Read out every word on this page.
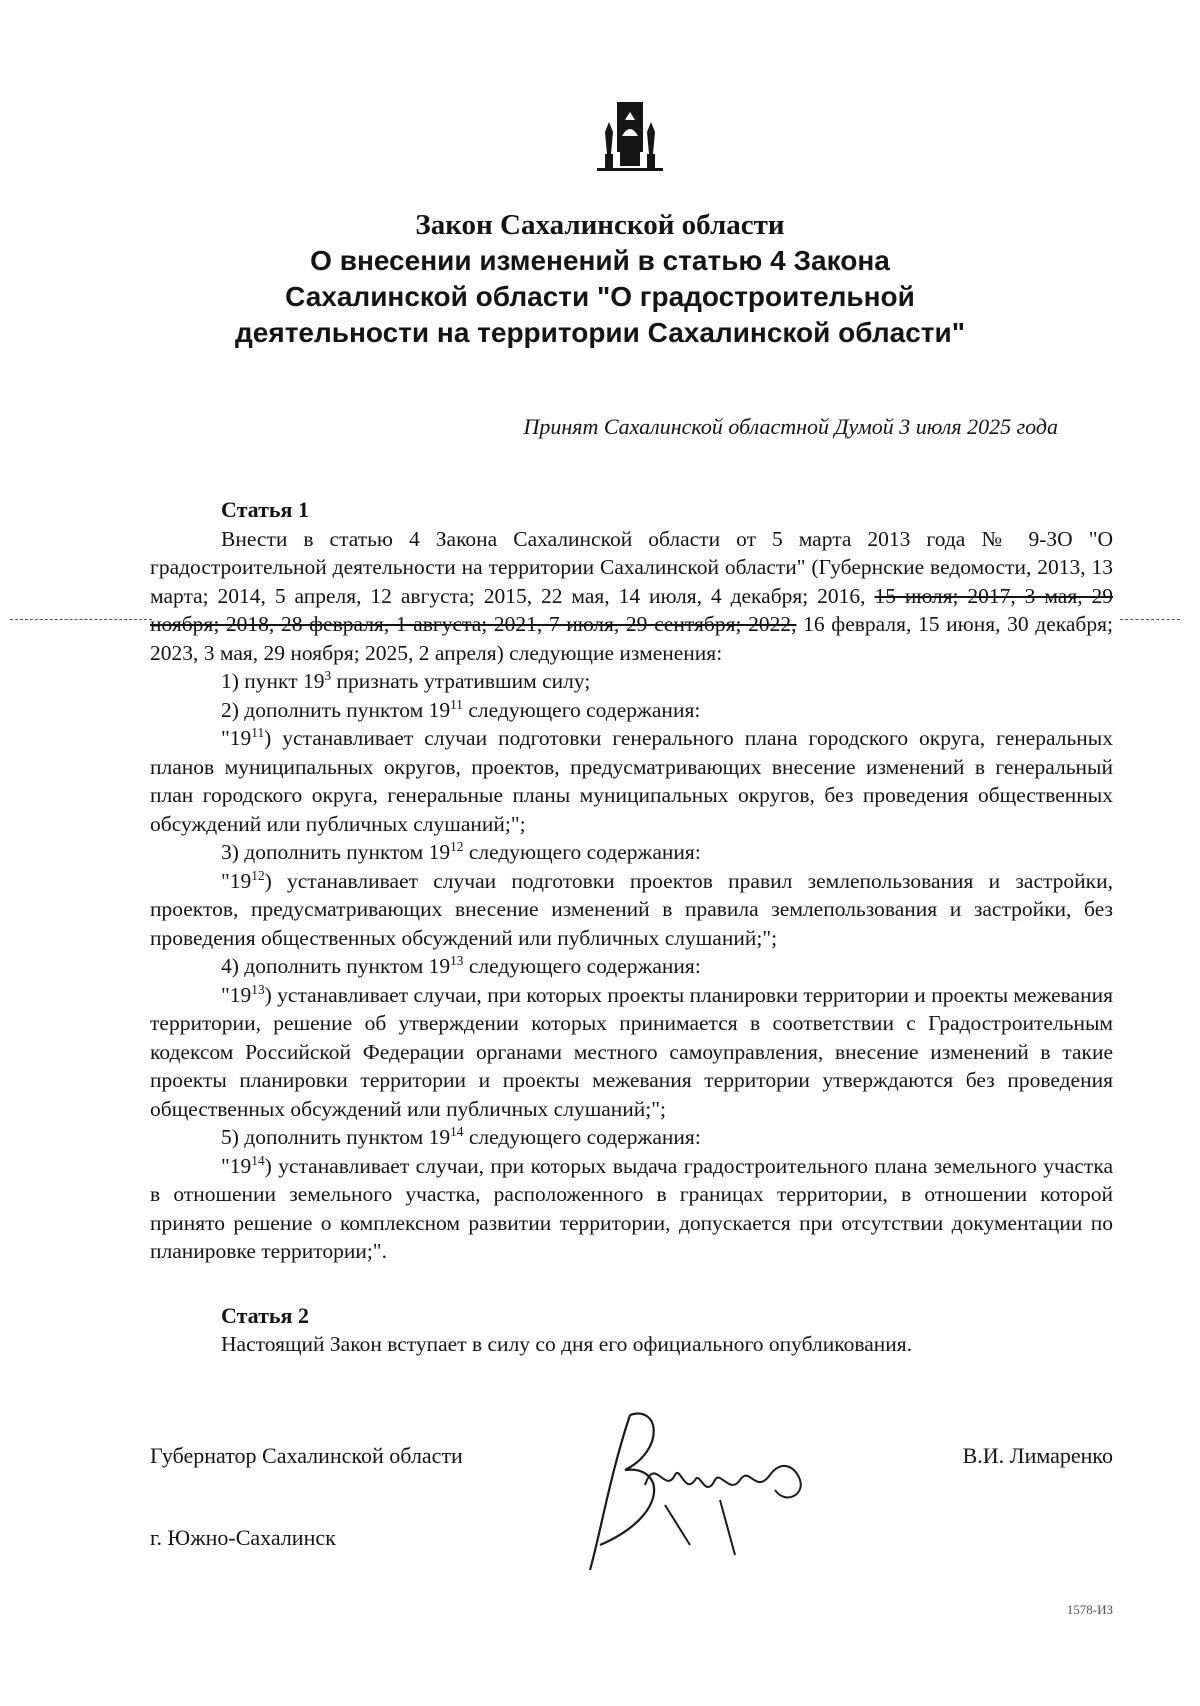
Закон Сахалинской области
О внесении изменений в статью 4 Закона
Сахалинской области "О градостроительной
деятельности на территории Сахалинской области"
Принят Сахалинской областной Думой 3 июля 2025 года
Статья 1

Внести в статью 4 Закона Сахалинской области от 5 марта 2013 года № 9-ЗО "О градостроительной деятельности на территории Сахалинской области" (Губернские ведомости, 2013, 13 марта; 2014, 5 апреля, 12 августа; 2015, 22 мая, 14 июля, 4 декабря; 2016, 15 июля; 2017, 3 мая, 29 ноября; 2018, 28 февраля, 1 августа; 2021, 7 июля, 29 сентября; 2022, 16 февраля, 15 июня, 30 декабря; 2023, 3 мая, 29 ноября; 2025, 2 апреля) следующие изменения:

1) пункт $19^3$ признать утратившим силу;

2) дополнить пунктом $19^{11}$ следующего содержания:

"$19^{11}$) устанавливает случаи подготовки генерального плана городского округа, генеральных планов муниципальных округов, проектов, предусматривающих внесение изменений в генеральный план городского округа, генеральные планы муниципальных округов, без проведения общественных обсуждений или публичных слушаний;";

3) дополнить пунктом $19^{12}$ следующего содержания:

"$19^{12}$) устанавливает случаи подготовки проектов правил землепользования и застройки, проектов, предусматривающих внесение изменений в правила землепользования и застройки, без проведения общественных обсуждений или публичных слушаний;";

4) дополнить пунктом $19^{13}$ следующего содержания:

"$19^{13}$) устанавливает случаи, при которых проекты планировки территории и проекты межевания территории, решение об утверждении которых принимается в соответствии с Градостроительным кодексом Российской Федерации органами местного самоуправления, внесение изменений в такие проекты планировки территории и проекты межевания территории утверждаются без проведения общественных обсуждений или публичных слушаний;";

5) дополнить пунктом $19^{14}$ следующего содержания:

"$19^{14}$) устанавливает случаи, при которых выдача градостроительного плана земельного участка в отношении земельного участка, расположенного в границах территории, в отношении которой принято решение о комплексном развитии территории, допускается при отсутствии документации по планировке территории;".

Статья 2

Настоящий Закон вступает в силу со дня его официального опубликования.

Губернатор Сахалинской области
г. Южно-Сахалинск
В.И. Лимаренко
1578-ИЗ
